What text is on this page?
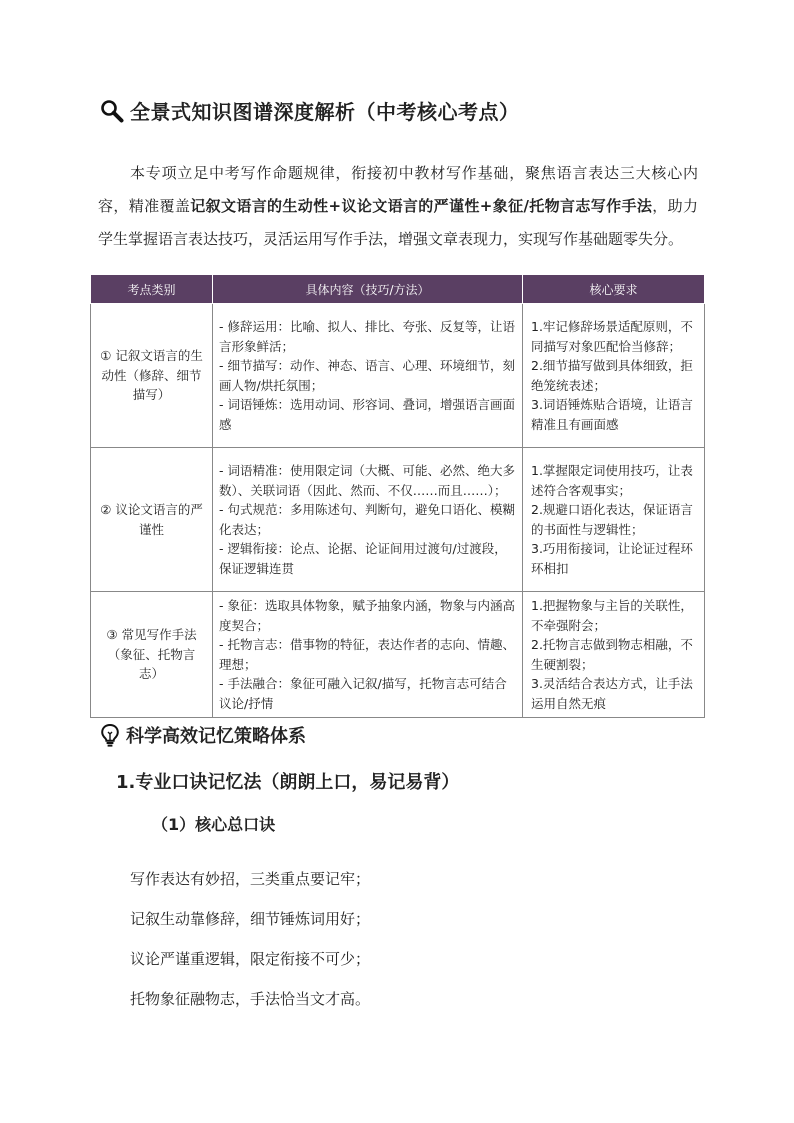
全景式知识图谱深度解析（中考核心考点）

本专项立足中考写作命题规律，衔接初中教材写作基础，聚焦语言表达三大核心内容，精准覆盖记叙文语言的生动性+议论文语言的严谨性+象征/托物言志写作手法，助力学生掌握语言表达技巧，灵活运用写作手法，增强文章表现力，实现写作基础题零失分。

考点类别	具体内容（技巧/方法）	核心要求
① 记叙文语言的生动性（修辞、细节描写）	- 修辞运用：比喻、拟人、排比、夸张、反复等，让语言形象鲜活；
- 细节描写：动作、神态、语言、心理、环境细节，刻画人物/烘托氛围；
- 词语锤炼：选用动词、形容词、叠词，增强语言画面感	1.牢记修辞场景适配原则，不同描写对象匹配恰当修辞；
2.细节描写做到具体细致，拒绝笼统表述；
3.词语锤炼贴合语境，让语言精准且有画面感

② 议论文语言的严谨性	- 词语精准：使用限定词（大概、可能、必然、绝大多数）、关联词语（因此、然而、不仅……而且……）；
- 句式规范：多用陈述句、判断句，避免口语化、模糊化表达；
- 逻辑衔接：论点、论据、论证间用过渡句/过渡段，保证逻辑连贯	1.掌握限定词使用技巧，让表述符合客观事实；
2.规避口语化表达，保证语言的书面性与逻辑性；
3.巧用衔接词，让论证过程环环相扣

③ 常见写作手法（象征、托物言志）	- 象征：选取具体物象，赋予抽象内涵，物象与内涵高度契合；
- 托物言志：借事物的特征，表达作者的志向、情趣、理想；
- 手法融合：象征可融入记叙/描写，托物言志可结合议论/抒情	1.把握物象与主旨的关联性，不牵强附会；
2.托物言志做到物志相融，不生硬割裂；
3.灵活结合表达方式，让手法运用自然无痕
科学高效记忆策略体系
1.专业口诀记忆法（朗朗上口，易记易背）
（1）核心总口诀
写作表达有妙招，三类重点要记牢；
记叙生动靠修辞，细节锤炼词用好；
议论严谨重逻辑，限定衔接不可少；
托物象征融物志，手法恰当文才高。
